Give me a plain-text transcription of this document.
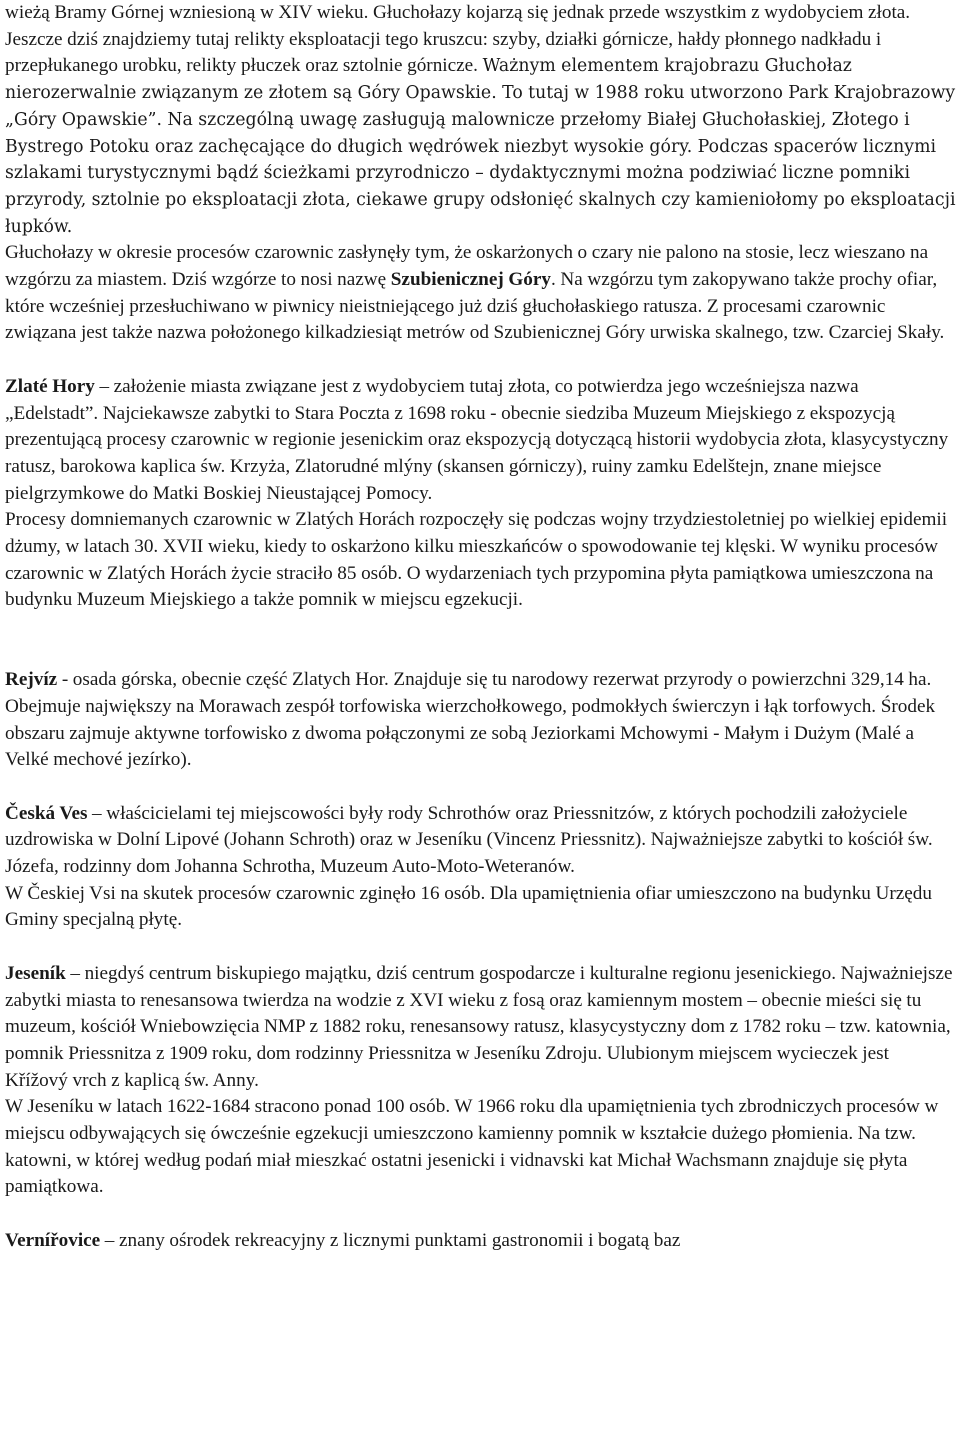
wieżą Bramy Górnej wzniesioną w XIV wieku. Głuchołazy kojarzą się jednak przede wszystkim z wydobyciem złota. Jeszcze dziś znajdziemy tutaj relikty eksploatacji tego kruszcu: szyby, działki górnicze, hałdy płonnego nadkładu i przepłukanego urobku, relikty płuczek oraz sztolnie górnicze. Ważnym elementem krajobrazu Głuchołaz nierozerwalnie związanym ze złotem są Góry Opawskie. To tutaj w 1988 roku utworzono Park Krajobrazowy „Góry Opawskie”. Na szczególną uwagę zasługują malownicze przełomy Białej Głuchołaskiej, Złotego i Bystrego Potoku oraz zachęcające do długich wędrówek niezbyt wysokie góry. Podczas spacerów licznymi szlakami turystycznymi bądź ścieżkami przyrodniczo – dydaktycznymi można podziwiać liczne pomniki przyrody, sztolnie po eksploatacji złota, ciekawe grupy odsłonięć skalnych czy kamieniołomy po eksploatacji łupków.

Głuchołazy w okresie procesów czarownic zasłynęły tym, że oskarżonych o czary nie palono na stosie, lecz wieszano na wzgórzu za miastem. Dziś wzgórze to nosi nazwę Szubienicznej Góry. Na wzgórzu tym zakopywano także prochy ofiar, które wcześniej przesłuchiwano w piwnicy nieistniejącego już dziś głuchołaskiego ratusza. Z procesami czarownic związana jest także nazwa położonego kilkadziesiąt metrów od Szubienicznej Góry urwiska skalnego, tzw. Czarciej Skały.

Zlaté Hory – założenie miasta związane jest z wydobyciem tutaj złota, co potwierdza jego wcześniejsza nazwa „Edelstadt”. Najciekawsze zabytki to Stara Poczta z 1698 roku - obecnie siedziba Muzeum Miejskiego z ekspozycją prezentującą procesy czarownic w regionie jesenickim oraz ekspozycją dotyczącą historii wydobycia złota, klasycystyczny ratusz, barokowa kaplica św. Krzyża, Zlatorudné mlýny (skansen górniczy), ruiny zamku Edelštejn, znane miejsce pielgrzymkowe do Matki Boskiej Nieustającej Pomocy.

Procesy domniemanych czarownic w Zlatých Horách rozpoczęły się podczas wojny trzydziestoletniej po wielkiej epidemii dżumy, w latach 30. XVII wieku, kiedy to oskarżono kilku mieszkańców o spowodowanie tej klęski. W wyniku procesów czarownic w Zlatých Horách życie straciło 85 osób. O wydarzeniach tych przypomina płyta pamiątkowa umieszczona na budynku Muzeum Miejskiego a także pomnik w miejscu egzekucji.

Rejvíz - osada górska, obecnie część Zlatych Hor. Znajduje się tu narodowy rezerwat przyrody o powierzchni 329,14 ha. Obejmuje największy na Morawach zespół torfowiska wierzchołkowego, podmokłych świerczyn i łąk torfowych. Środek obszaru zajmuje aktywne torfowisko z dwoma połączonymi ze sobą Jeziorkami Mchowymi - Małym i Dużym (Malé a Velké mechové jezírko).

Česká Ves – właścicielami tej miejscowości były rody Schrothów oraz Priessnitzów, z których pochodzili założyciele uzdrowiska w Dolní Lipové (Johann Schroth) oraz w Jeseníku (Vincenz Priessnitz). Najważniejsze zabytki to kościół św. Józefa, rodzinny dom Johanna Schrotha, Muzeum Auto-Moto-Weteranów.

W Českiej Vsi na skutek procesów czarownic zginęło 16 osób. Dla upamiętnienia ofiar umieszczono na budynku Urzędu Gminy specjalną płytę.

Jeseník – niegdyś centrum biskupiego majątku, dziś centrum gospodarcze i kulturalne regionu jesenickiego. Najważniejsze zabytki miasta to renesansowa twierdza na wodzie z XVI wieku z fosą oraz kamiennym mostem – obecnie mieści się tu muzeum, kościół Wniebowzięcia NMP z 1882 roku, renesansowy ratusz, klasycystyczny dom z 1782 roku – tzw. katownia, pomnik Priessnitza z 1909 roku, dom rodzinny Priessnitza w Jeseníku Zdroju. Ulubionym miejscem wycieczek jest Křížový vrch z kaplicą św. Anny.

W Jeseníku w latach 1622-1684 stracono ponad 100 osób. W 1966 roku dla upamiętnienia tych zbrodniczych procesów w miejscu odbywających się ówcześnie egzekucji umieszczono kamienny pomnik w kształcie dużego płomienia. Na tzw. katowni, w której według podań miał mieszkać ostatni jesenicki i vidnavski kat Michał Wachsmann znajduje się płyta pamiątkowa.

Vernířovice – znany ośrodek rekreacyjny z licznymi punktami gastronomii i bogatą baz
